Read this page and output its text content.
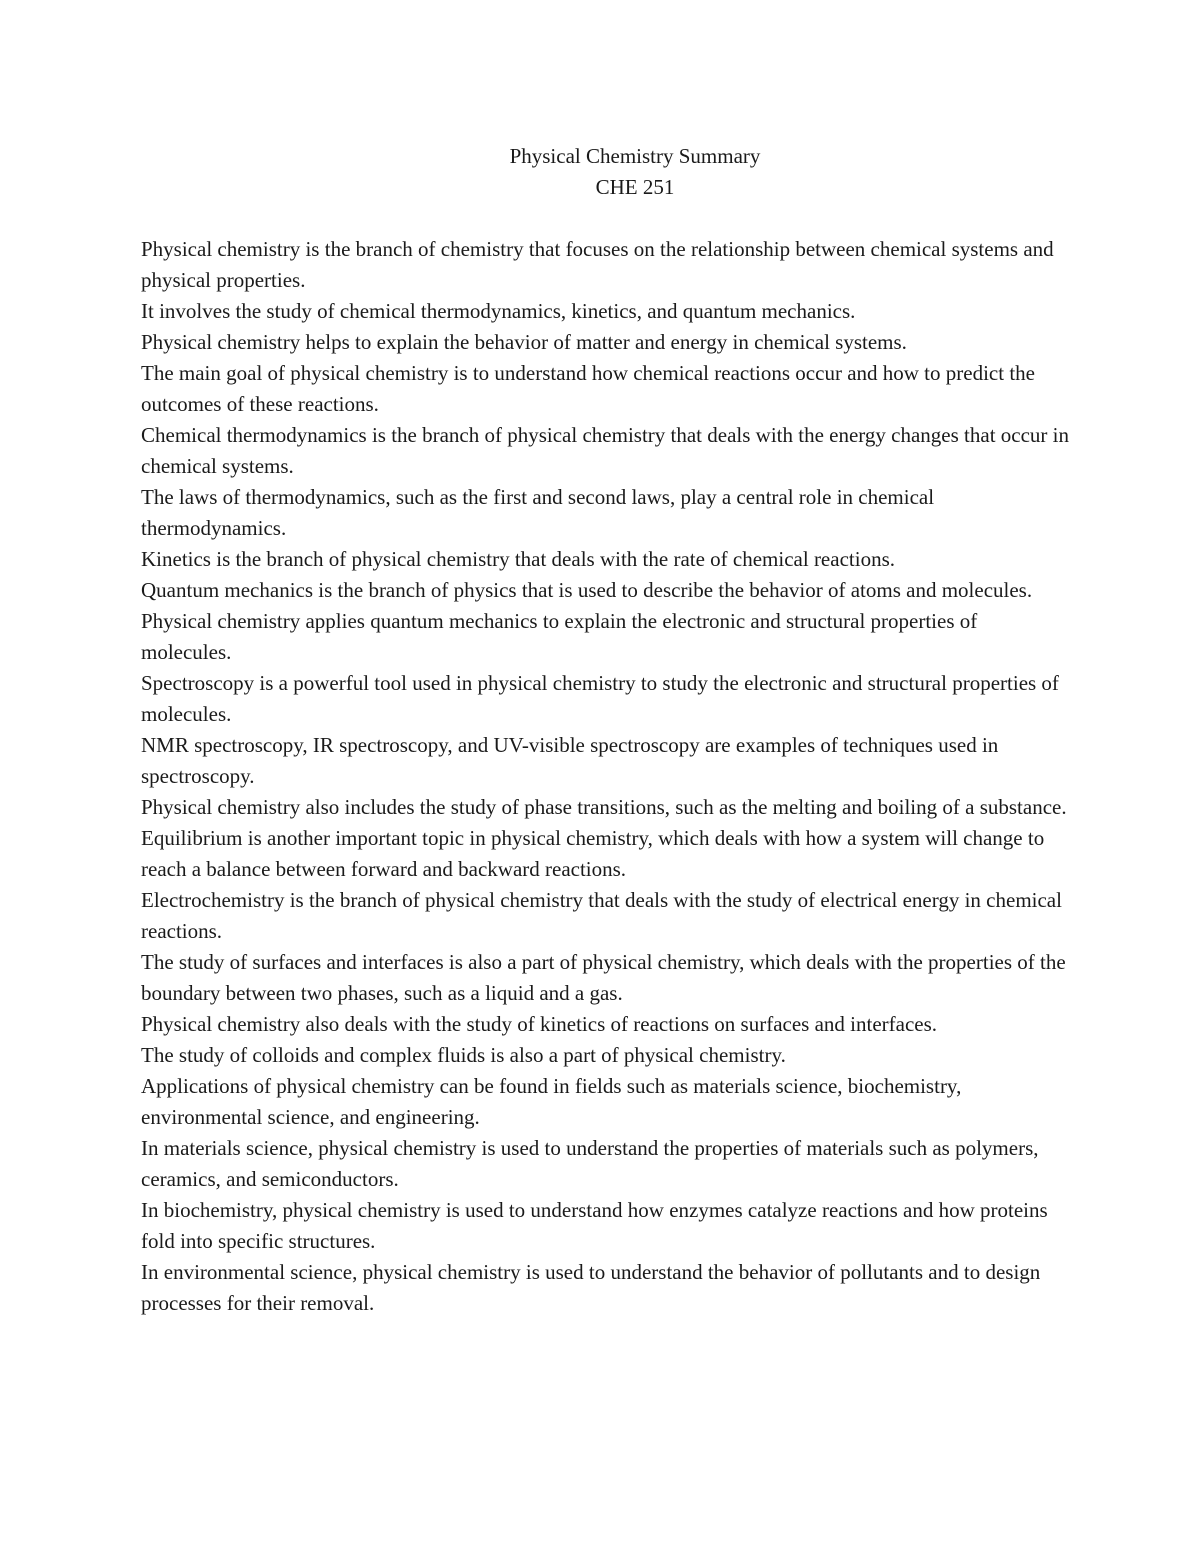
Physical Chemistry Summary
CHE 251

Physical chemistry is the branch of chemistry that focuses on the relationship between chemical systems and physical properties.

It involves the study of chemical thermodynamics, kinetics, and quantum mechanics.

Physical chemistry helps to explain the behavior of matter and energy in chemical systems.

The main goal of physical chemistry is to understand how chemical reactions occur and how to predict the outcomes of these reactions.

Chemical thermodynamics is the branch of physical chemistry that deals with the energy changes that occur in chemical systems.

The laws of thermodynamics, such as the first and second laws, play a central role in chemical thermodynamics.

Kinetics is the branch of physical chemistry that deals with the rate of chemical reactions.

Quantum mechanics is the branch of physics that is used to describe the behavior of atoms and molecules.

Physical chemistry applies quantum mechanics to explain the electronic and structural properties of molecules.

Spectroscopy is a powerful tool used in physical chemistry to study the electronic and structural properties of molecules.

NMR spectroscopy, IR spectroscopy, and UV-visible spectroscopy are examples of techniques used in spectroscopy.

Physical chemistry also includes the study of phase transitions, such as the melting and boiling of a substance.

Equilibrium is another important topic in physical chemistry, which deals with how a system will change to reach a balance between forward and backward reactions.

Electrochemistry is the branch of physical chemistry that deals with the study of electrical energy in chemical reactions.

The study of surfaces and interfaces is also a part of physical chemistry, which deals with the properties of the boundary between two phases, such as a liquid and a gas.

Physical chemistry also deals with the study of kinetics of reactions on surfaces and interfaces.

The study of colloids and complex fluids is also a part of physical chemistry.

Applications of physical chemistry can be found in fields such as materials science, biochemistry, environmental science, and engineering.

In materials science, physical chemistry is used to understand the properties of materials such as polymers, ceramics, and semiconductors.

In biochemistry, physical chemistry is used to understand how enzymes catalyze reactions and how proteins fold into specific structures.

In environmental science, physical chemistry is used to understand the behavior of pollutants and to design processes for their removal.
